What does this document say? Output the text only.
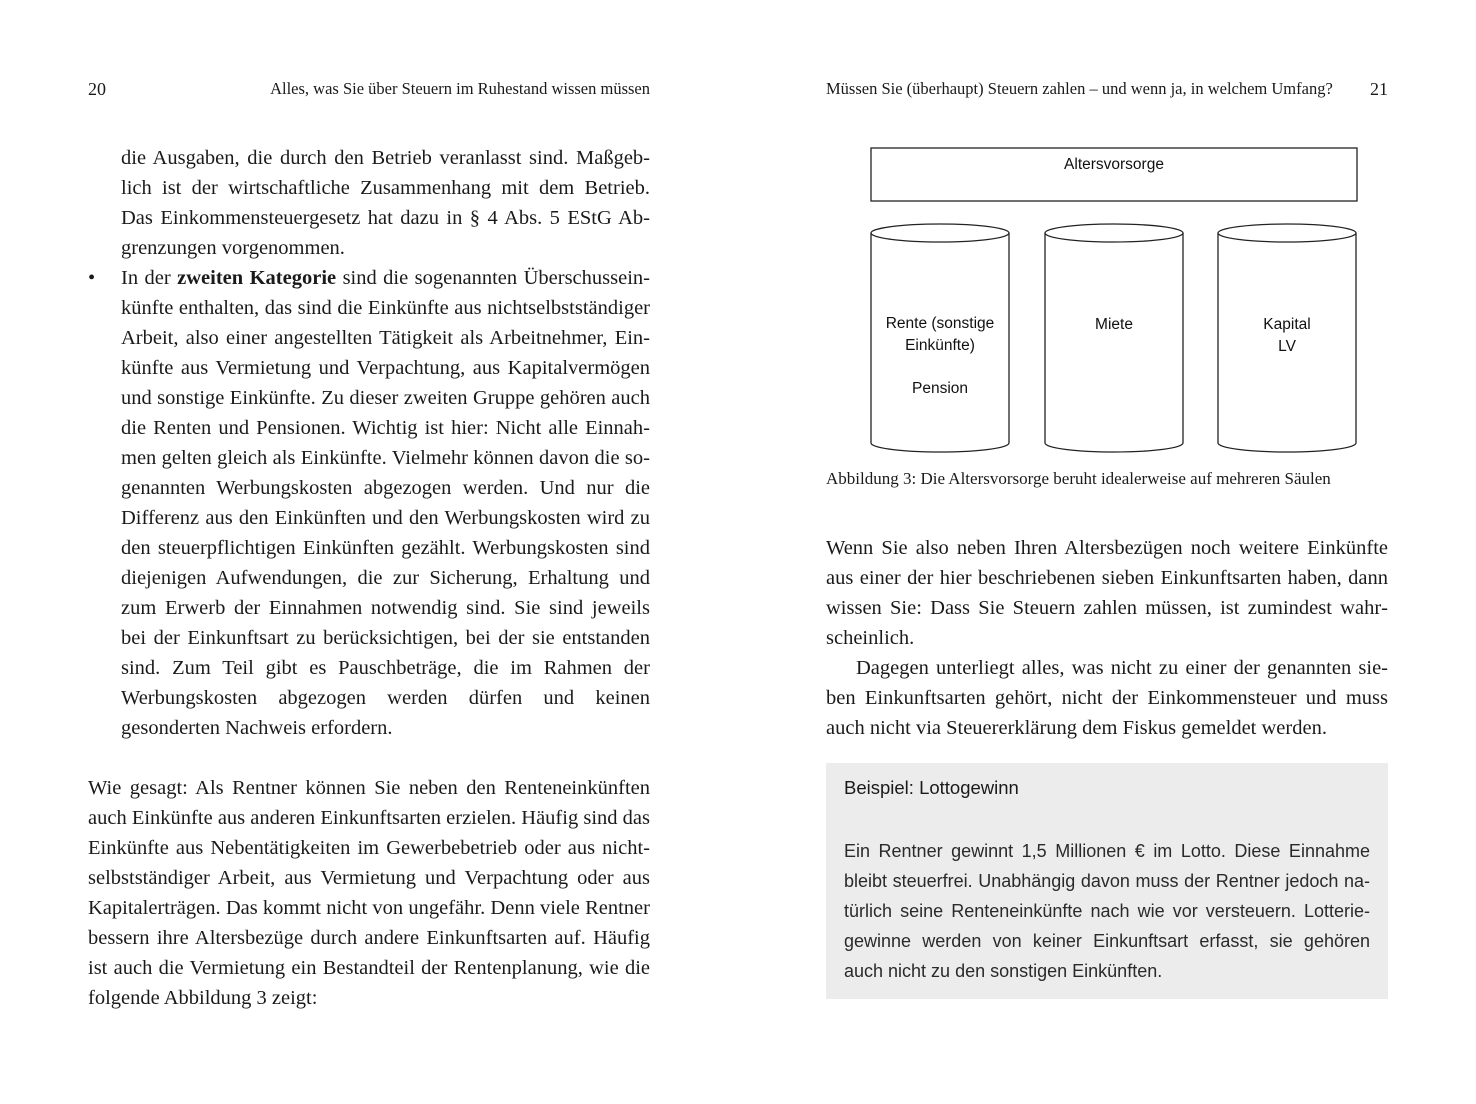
20	Alles, was Sie über Steuern im Ruhestand wissen müssen

die Ausgaben, die durch den Betrieb veranlasst sind. Maßgeblich ist der wirtschaftliche Zusammenhang mit dem Betrieb. Das Einkommensteuergesetz hat dazu in § 4 Abs. 5 EStG Abgrenzungen vorgenommen.

• In der zweiten Kategorie sind die sogenannten Überschusseinkünfte enthalten, das sind die Einkünfte aus nichtselbstständiger Arbeit, also einer angestellten Tätigkeit als Arbeitnehmer, Einkünfte aus Vermietung und Verpachtung, aus Kapitalvermögen und sonstige Einkünfte. Zu dieser zweiten Gruppe gehören auch die Renten und Pensionen. Wichtig ist hier: Nicht alle Einnahmen gelten gleich als Einkünfte. Vielmehr können davon die sogenannten Werbungskosten abgezogen werden. Und nur die Differenz aus den Einkünften und den Werbungskosten wird zu den steuerpflichtigen Einkünften gezählt. Werbungskosten sind diejenigen Aufwendungen, die zur Sicherung, Erhaltung und zum Erwerb der Einnahmen notwendig sind. Sie sind jeweils bei der Einkunftsart zu berücksichtigen, bei der sie entstanden sind. Zum Teil gibt es Pauschbeträge, die im Rahmen der Werbungskosten abgezogen werden dürfen und keinen gesonderten Nachweis erfordern.

Wie gesagt: Als Rentner können Sie neben den Renteneinkünften auch Einkünfte aus anderen Einkunftsarten erzielen. Häufig sind das Einkünfte aus Nebentätigkeiten im Gewerbebetrieb oder aus nichtselbstständiger Arbeit, aus Vermietung und Verpachtung oder aus Kapitalerträgen. Das kommt nicht von ungefähr. Denn viele Rentner bessern ihre Altersbezüge durch andere Einkunftsarten auf. Häufig ist auch die Vermietung ein Bestandteil der Rentenplanung, wie die folgende Abbildung 3 zeigt:

Müssen Sie (überhaupt) Steuern zahlen – und wenn ja, in welchem Umfang? 21
Altersvorsorge
Rente (sonstige
Einkünfte)
Pension
Miete	Kapital
LV
Abbildung 3: Die Altersvorsorge beruht idealerweise auf mehreren Säulen

Wenn Sie also neben Ihren Altersbezügen noch weitere Einkünfte aus einer der hier beschriebenen sieben Einkunftsarten haben, dann wissen Sie: Dass Sie Steuern zahlen müssen, ist zumindest wahrscheinlich.

Dagegen unterliegt alles, was nicht zu einer der genannten sieben Einkunftsarten gehört, nicht der Einkommensteuer und muss auch nicht via Steuererklärung dem Fiskus gemeldet werden.

Beispiel: Lottogewinn

Ein Rentner gewinnt 1,5 Millionen € im Lotto. Diese Einnahme bleibt steuerfrei. Unabhängig davon muss der Rentner jedoch natürlich seine Renteneinkünfte nach wie vor versteuern. Lotteriegewinne werden von keiner Einkunftsart erfasst, sie gehören auch nicht zu den sonstigen Einkünften.
